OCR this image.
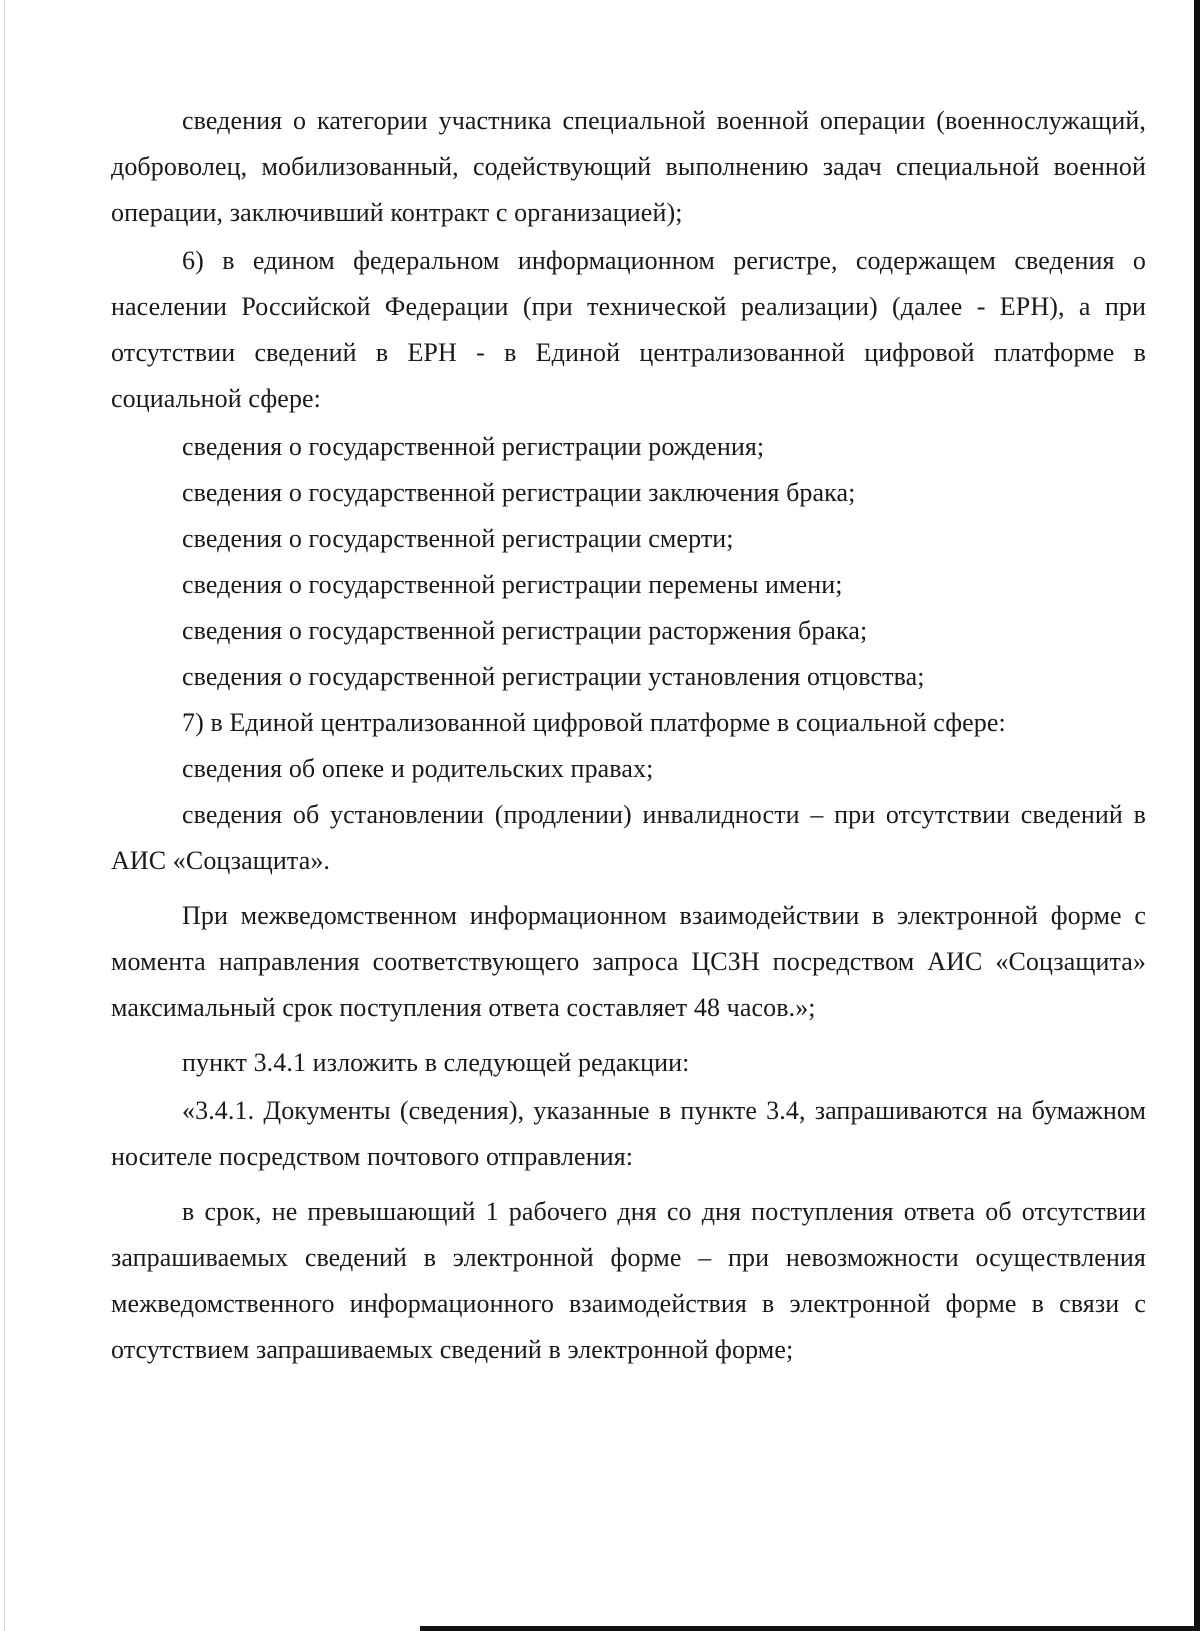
сведения о категории участника специальной военной операции (военнослужащий, доброволец, мобилизованный, содействующий выполнению задач специальной военной операции, заключивший контракт с организацией);

6) в едином федеральном информационном регистре, содержащем сведения о населении Российской Федерации (при технической реализации) (далее - ЕРН), а при отсутствии сведений в ЕРН - в Единой централизованной цифровой платформе в социальной сфере:

сведения о государственной регистрации рождения;

сведения о государственной регистрации заключения брака;

сведения о государственной регистрации смерти;

сведения о государственной регистрации перемены имени;

сведения о государственной регистрации расторжения брака;

сведения о государственной регистрации установления отцовства;

7) в Единой централизованной цифровой платформе в социальной сфере:

сведения об опеке и родительских правах;

сведения об установлении (продлении) инвалидности – при отсутствии сведений в АИС «Соцзащита».

При межведомственном информационном взаимодействии в электронной форме с момента направления соответствующего запроса ЦСЗН посредством АИС «Соцзащита» максимальный срок поступления ответа составляет 48 часов.»;

пункт 3.4.1 изложить в следующей редакции:

«3.4.1. Документы (сведения), указанные в пункте 3.4, запрашиваются на бумажном носителе посредством почтового отправления:

в срок, не превышающий 1 рабочего дня со дня поступления ответа об отсутствии запрашиваемых сведений в электронной форме – при невозможности осуществления межведомственного информационного взаимодействия в электронной форме в связи с отсутствием запрашиваемых сведений в электронной форме;
